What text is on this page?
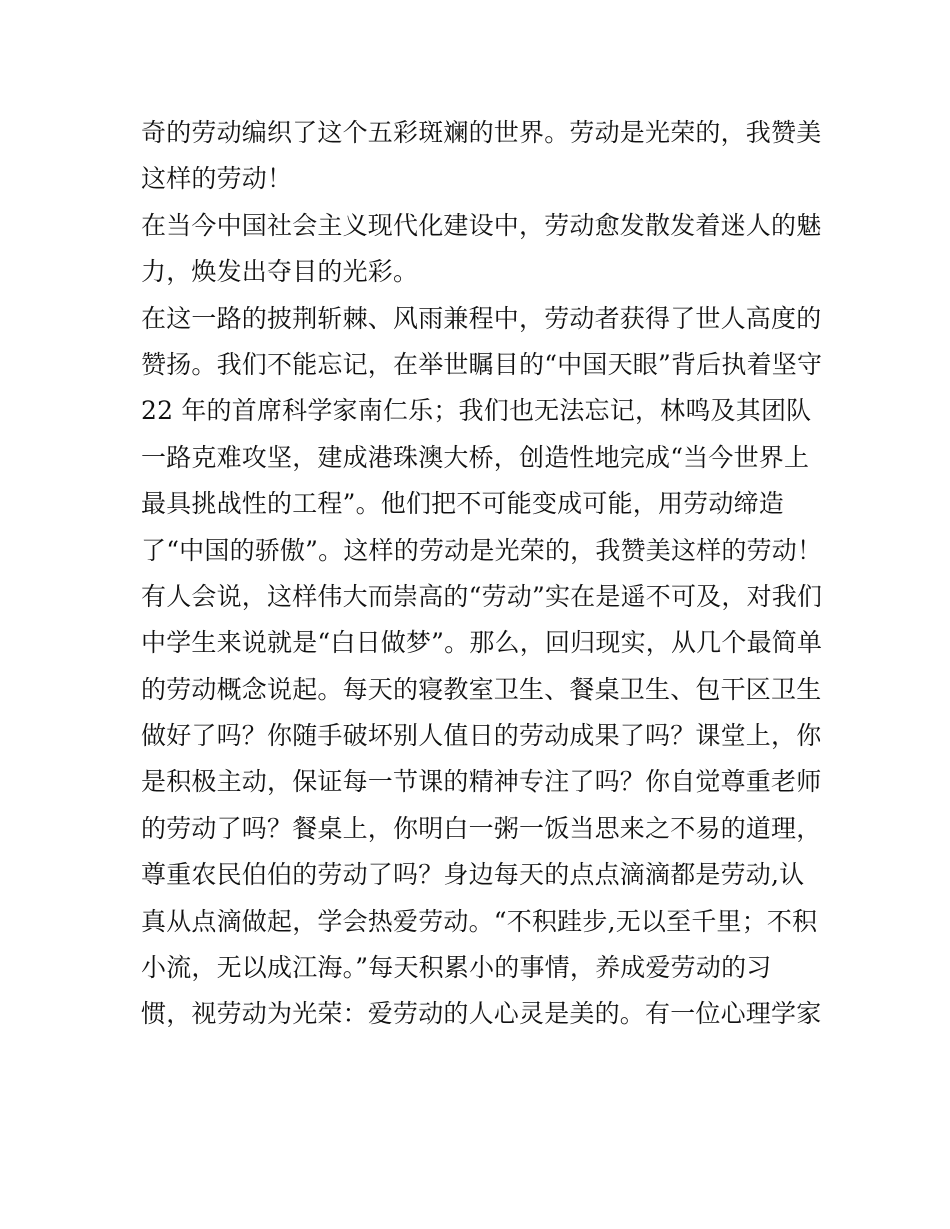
奇的劳动编织了这个五彩斑斓的世界。劳动是光荣的，我赞美
这样的劳动！
在当今中国社会主义现代化建设中，劳动愈发散发着迷人的魅
力，焕发出夺目的光彩。
在这一路的披荆斩棘、风雨兼程中，劳动者获得了世人高度的
赞扬。我们不能忘记，在举世瞩目的“中国天眼”背后执着坚守
22 年的首席科学家南仁乐；我们也无法忘记，林鸣及其团队
一路克难攻坚，建成港珠澳大桥，创造性地完成“当今世界上
最具挑战性的工程”。他们把不可能变成可能，用劳动缔造
了“中国的骄傲”。这样的劳动是光荣的，我赞美这样的劳动！
有人会说，这样伟大而崇高的“劳动”实在是遥不可及，对我们
中学生来说就是“白日做梦”。那么，回归现实，从几个最简单
的劳动概念说起。每天的寝教室卫生、餐桌卫生、包干区卫生
做好了吗？你随手破坏别人值日的劳动成果了吗？课堂上，你
是积极主动，保证每一节课的精神专注了吗？你自觉尊重老师
的劳动了吗？餐桌上，你明白一粥一饭当思来之不易的道理，
尊重农民伯伯的劳动了吗？身边每天的点点滴滴都是劳动,认
真从点滴做起，学会热爱劳动。“不积跬步,无以至千里；不积
小流，无以成江海。”每天积累小的事情，养成爱劳动的习
惯，视劳动为光荣：爱劳动的人心灵是美的。有一位心理学家
